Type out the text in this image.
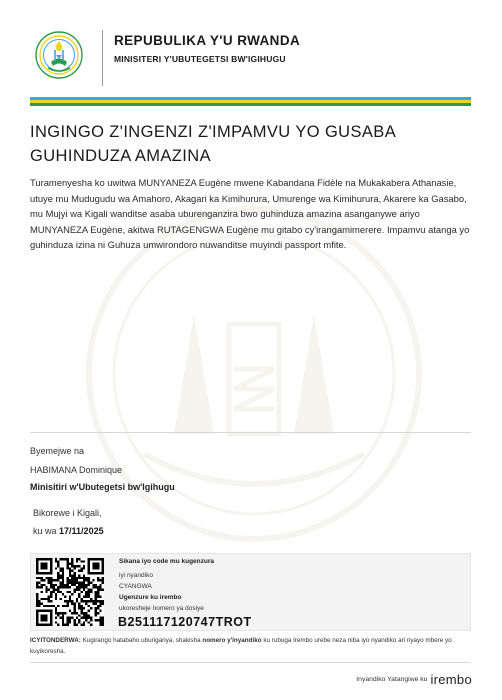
REPUBULIKA Y'U RWANDA
MINISITERI Y'UBUTEGETSI BW'IGIHUGU
INGINGO Z'INGENZI Z'IMPAMVU YO GUSABA GUHINDUZA AMAZINA
Turamenyesha ko uwitwa MUNYANEZA Eugène mwene Kabandana Fidèle na Mukakabera Athanasie, utuye mu Mudugudu wa Amahoro, Akagari ka Kimihurura, Umurenge wa Kimihurura, Akarere ka Gasabo, mu Mujyi wa Kigali wanditse asaba uburenganzira bwo guhinduza amazina asanganywe ariyo MUNYANEZA Eugène, akitwa RUTAGENGWA Eugène mu gitabo cy'irangamimerere. Impamvu atanga yo guhinduza izina ni Guhuza umwirondoro nuwanditse muyindi passport mfite.
Byemejwe na
HABIMANA Dominique
Minisitiri w'Ubutegetsi bw'Igihugu
Bikorewe i Kigali,
ku wa 17/11/2025
Sikana iyo code mu kugenzura
iyi nyandiko
CYANGWA
Ugenzure ku irembo
ukoresheje nomero ya dosiye
B251117120747TROT
ICYITONDERWA: Kugirango hatabaho uburiganya, shakisha nomero y'inyandiko ku rubuga Irembo urebe neza niba iyo nyandiko ari nyayo mbere yo kuyikoresha.
Inyandiko Yatangiwe ku irembo
